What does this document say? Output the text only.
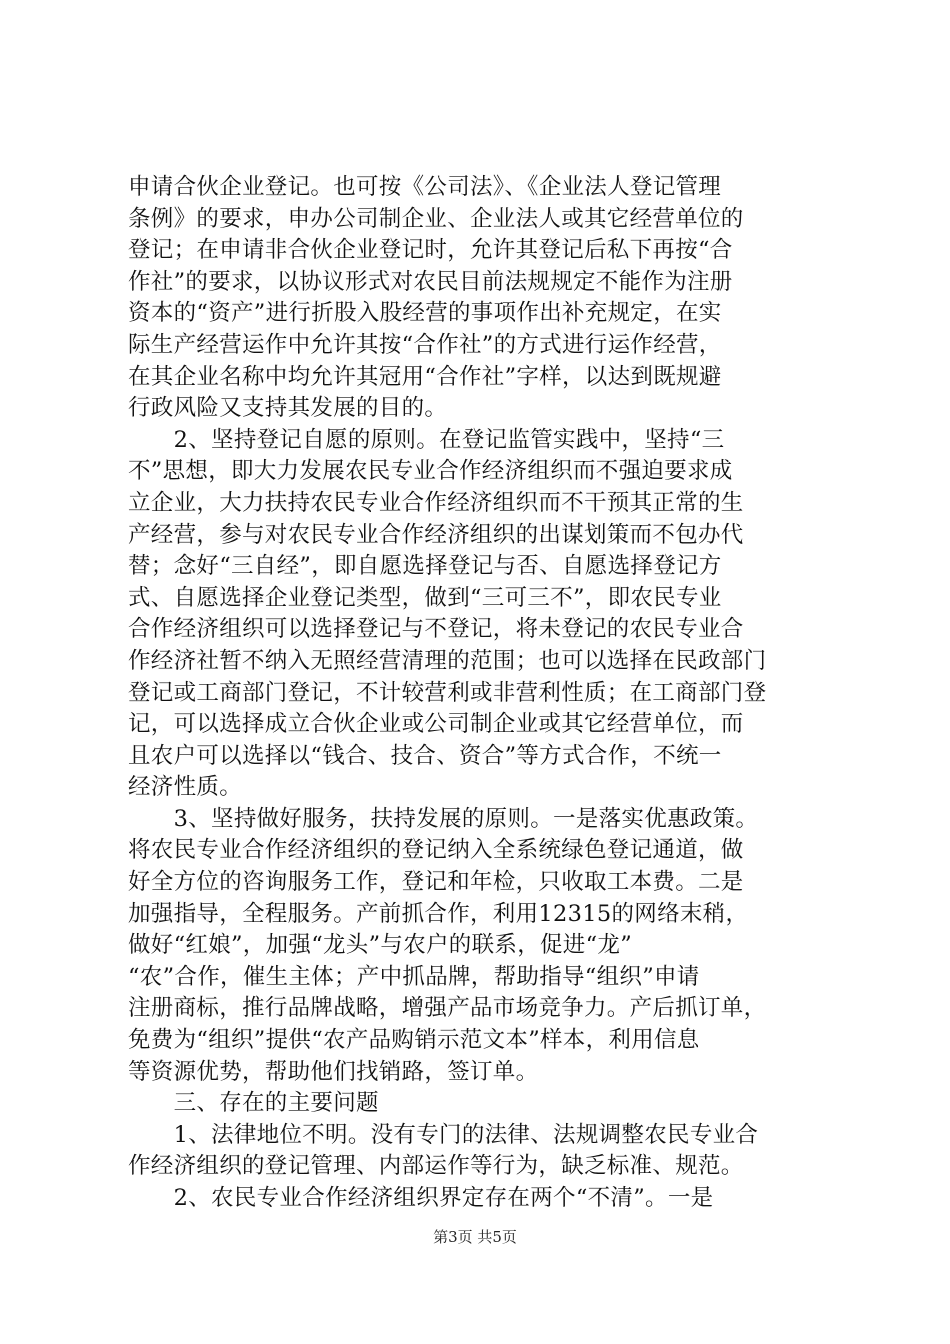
申请合伙企业登记。也可按《公司法》、《企业法人登记管理
条例》的要求，申办公司制企业、企业法人或其它经营单位的
登记；在申请非合伙企业登记时，允许其登记后私下再按“合
作社”的要求，以协议形式对农民目前法规规定不能作为注册
资本的“资产”进行折股入股经营的事项作出补充规定，在实
际生产经营运作中允许其按“合作社”的方式进行运作经营，
在其企业名称中均允许其冠用“合作社”字样，以达到既规避
行政风险又支持其发展的目的。
　　2、坚持登记自愿的原则。在登记监管实践中，坚持“三
不”思想，即大力发展农民专业合作经济组织而不强迫要求成
立企业，大力扶持农民专业合作经济组织而不干预其正常的生
产经营，参与对农民专业合作经济组织的出谋划策而不包办代
替；念好“三自经”，即自愿选择登记与否、自愿选择登记方
式、自愿选择企业登记类型，做到“三可三不”，即农民专业
合作经济组织可以选择登记与不登记，将未登记的农民专业合
作经济社暂不纳入无照经营清理的范围；也可以选择在民政部门
登记或工商部门登记，不计较营利或非营利性质；在工商部门登
记，可以选择成立合伙企业或公司制企业或其它经营单位，而
且农户可以选择以“钱合、技合、资合”等方式合作，不统一
经济性质。
　　3、坚持做好服务，扶持发展的原则。一是落实优惠政策。
将农民专业合作经济组织的登记纳入全系统绿色登记通道，做
好全方位的咨询服务工作，登记和年检，只收取工本费。二是
加强指导，全程服务。产前抓合作，利用12315的网络末稍，
做好“红娘”，加强“龙头”与农户的联系，促进“龙”
“农”合作，催生主体；产中抓品牌，帮助指导“组织”申请
注册商标，推行品牌战略，增强产品市场竞争力。产后抓订单，
免费为“组织”提供“农产品购销示范文本”样本，利用信息
等资源优势，帮助他们找销路，签订单。
　　三、存在的主要问题
　　1、法律地位不明。没有专门的法律、法规调整农民专业合
作经济组织的登记管理、内部运作等行为，缺乏标准、规范。
　　2、农民专业合作经济组织界定存在两个“不清”。一是
第3页 共5页
